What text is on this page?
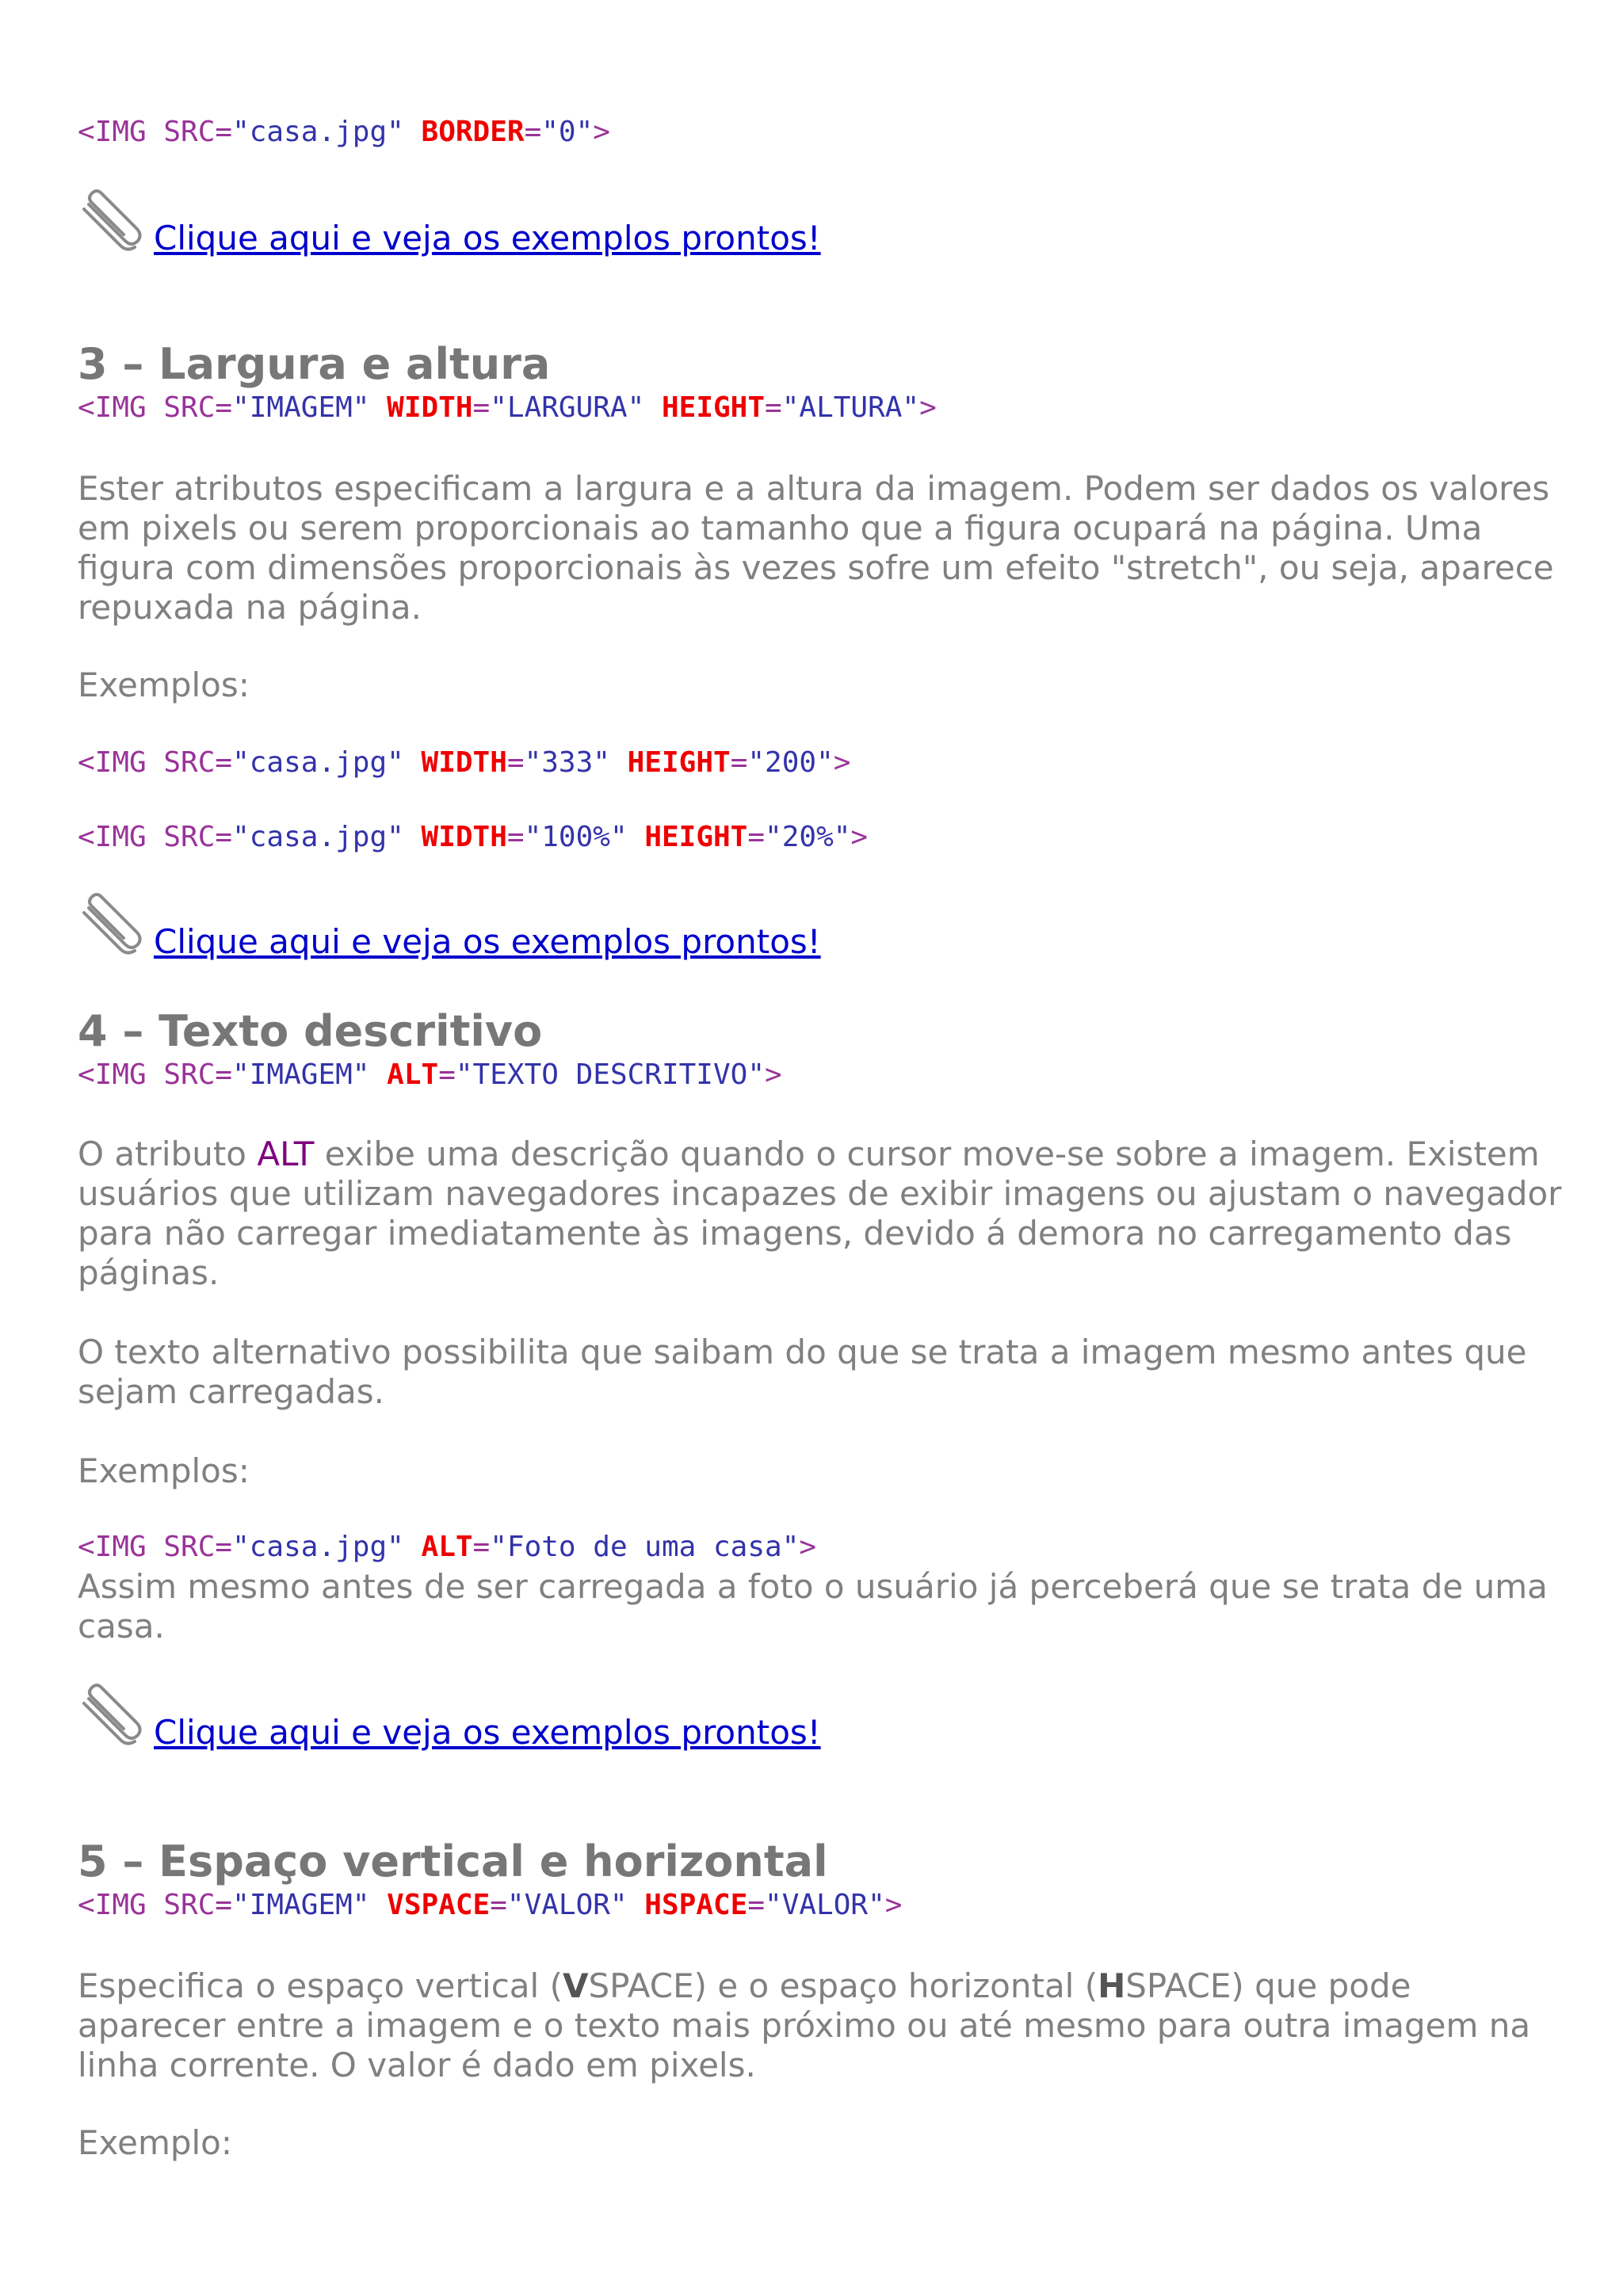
<IMG SRC="casa.jpg" BORDER="0">
Clique aqui e veja os exemplos prontos!
3 – Largura e altura
<IMG SRC="IMAGEM" WIDTH="LARGURA" HEIGHT="ALTURA">
Ester atributos especificam a largura e a altura da imagem. Podem ser dados os valores em pixels ou serem proporcionais ao tamanho que a figura ocupará na página. Uma figura com dimensões proporcionais às vezes sofre um efeito "stretch", ou seja, aparece repuxada na página.
Exemplos:
<IMG SRC="casa.jpg" WIDTH="333" HEIGHT="200">
<IMG SRC="casa.jpg" WIDTH="100%" HEIGHT="20%">
Clique aqui e veja os exemplos prontos!
4 – Texto descritivo
<IMG SRC="IMAGEM" ALT="TEXTO DESCRITIVO">
O atributo ALT exibe uma descrição quando o cursor move-se sobre a imagem. Existem usuários que utilizam navegadores incapazes de exibir imagens ou ajustam o navegador para não carregar imediatamente às imagens, devido á demora no carregamento das páginas.
O texto alternativo possibilita que saibam do que se trata a imagem mesmo antes que sejam carregadas.
Exemplos:
<IMG SRC="casa.jpg" ALT="Foto de uma casa">
Assim mesmo antes de ser carregada a foto o usuário já perceberá que se trata de uma casa.
Clique aqui e veja os exemplos prontos!
5 – Espaço vertical e horizontal
<IMG SRC="IMAGEM" VSPACE="VALOR" HSPACE="VALOR">
Especifica o espaço vertical (VSPACE) e o espaço horizontal (HSPACE) que pode aparecer entre a imagem e o texto mais próximo ou até mesmo para outra imagem na linha corrente. O valor é dado em pixels.
Exemplo:
